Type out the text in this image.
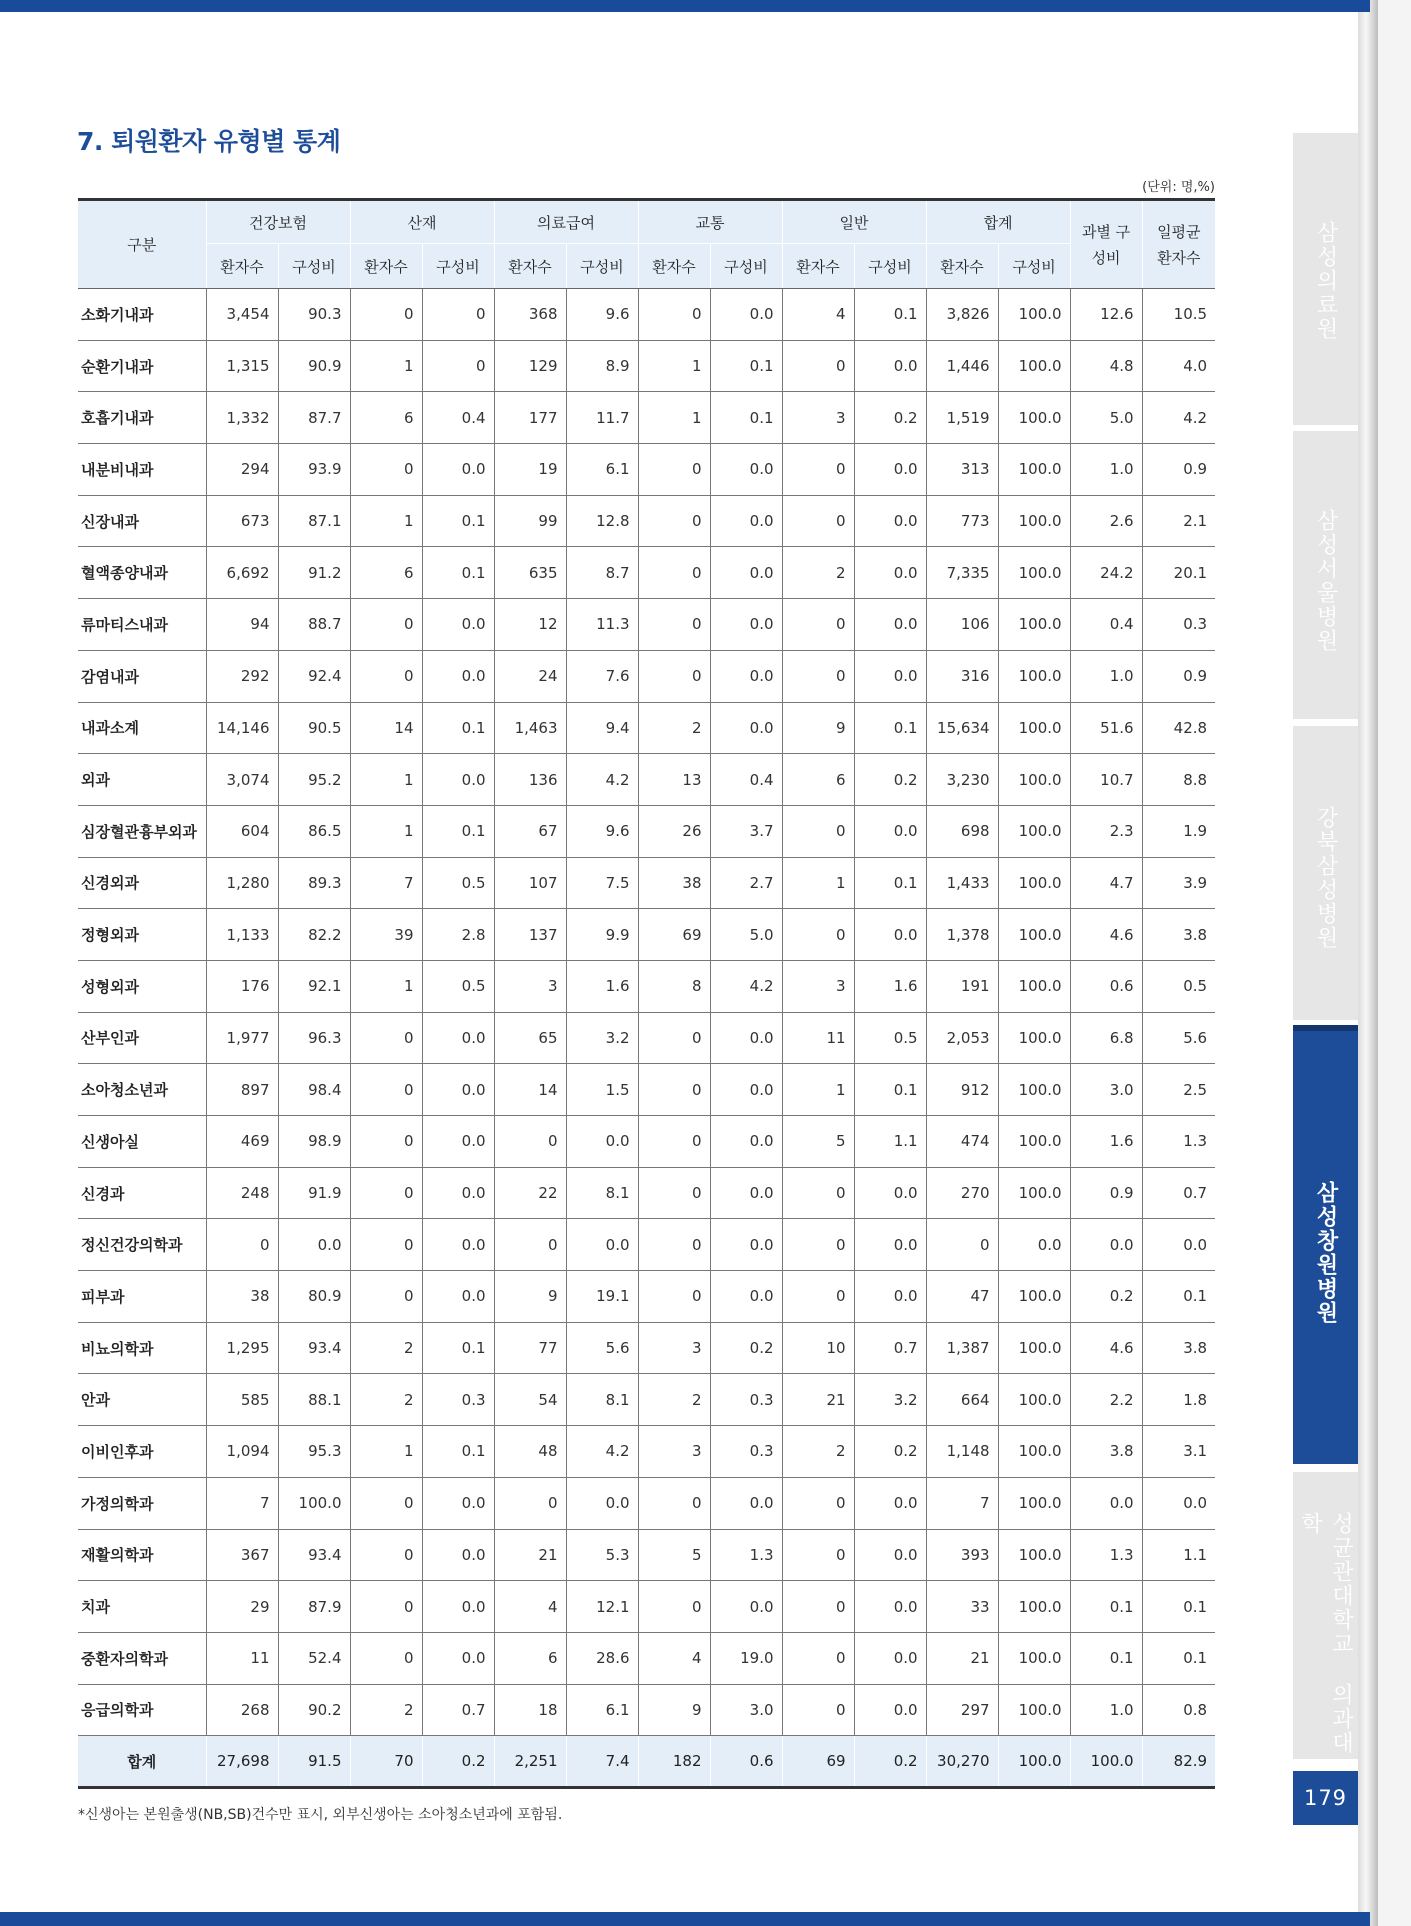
7. 퇴원환자 유형별 통계
(단위: 명,%)
구분	건강보험		산재		의료급여		교통		일반		합계		과별 구성비	일평균 환자수
	환자수	구성비	환자수	구성비	환자수	구성비	환자수	구성비	환자수	구성비	환자수	구성비		
소화기내과	3,454	90.3	0	0	368	9.6	0	0.0	4	0.1	3,826	100.0	12.6	10.5
순환기내과	1,315	90.9	1	0	129	8.9	1	0.1	0	0.0	1,446	100.0	4.8	4.0
호흡기내과	1,332	87.7	6	0.4	177	11.7	1	0.1	3	0.2	1,519	100.0	5.0	4.2
내분비내과	294	93.9	0	0.0	19	6.1	0	0.0	0	0.0	313	100.0	1.0	0.9
신장내과	673	87.1	1	0.1	99	12.8	0	0.0	0	0.0	773	100.0	2.6	2.1
혈액종양내과	6,692	91.2	6	0.1	635	8.7	0	0.0	2	0.0	7,335	100.0	24.2	20.1
류마티스내과	94	88.7	0	0.0	12	11.3	0	0.0	0	0.0	106	100.0	0.4	0.3
감염내과	292	92.4	0	0.0	24	7.6	0	0.0	0	0.0	316	100.0	1.0	0.9
내과소계	14,146	90.5	14	0.1	1,463	9.4	2	0.0	9	0.1	15,634	100.0	51.6	42.8
외과	3,074	95.2	1	0.0	136	4.2	13	0.4	6	0.2	3,230	100.0	10.7	8.8
심장혈관흉부외과	604	86.5	1	0.1	67	9.6	26	3.7	0	0.0	698	100.0	2.3	1.9
신경외과	1,280	89.3	7	0.5	107	7.5	38	2.7	1	0.1	1,433	100.0	4.7	3.9
정형외과	1,133	82.2	39	2.8	137	9.9	69	5.0	0	0.0	1,378	100.0	4.6	3.8
성형외과	176	92.1	1	0.5	3	1.6	8	4.2	3	1.6	191	100.0	0.6	0.5
산부인과	1,977	96.3	0	0.0	65	3.2	0	0.0	11	0.5	2,053	100.0	6.8	5.6
소아청소년과	897	98.4	0	0.0	14	1.5	0	0.0	1	0.1	912	100.0	3.0	2.5
신생아실	469	98.9	0	0.0	0	0.0	0	0.0	5	1.1	474	100.0	1.6	1.3
신경과	248	91.9	0	0.0	22	8.1	0	0.0	0	0.0	270	100.0	0.9	0.7
정신건강의학과	0	0.0	0	0.0	0	0.0	0	0.0	0	0.0	0	0.0	0.0	0.0
피부과	38	80.9	0	0.0	9	19.1	0	0.0	0	0.0	47	100.0	0.2	0.1
비뇨의학과	1,295	93.4	2	0.1	77	5.6	3	0.2	10	0.7	1,387	100.0	4.6	3.8
안과	585	88.1	2	0.3	54	8.1	2	0.3	21	3.2	664	100.0	2.2	1.8
이비인후과	1,094	95.3	1	0.1	48	4.2	3	0.3	2	0.2	1,148	100.0	3.8	3.1
가정의학과	7	100.0	0	0.0	0	0.0	0	0.0	0	0.0	7	100.0	0.0	0.0
재활의학과	367	93.4	0	0.0	21	5.3	5	1.3	0	0.0	393	100.0	1.3	1.1
치과	29	87.9	0	0.0	4	12.1	0	0.0	0	0.0	33	100.0	0.1	0.1
중환자의학과	11	52.4	0	0.0	6	28.6	4	19.0	0	0.0	21	100.0	0.1	0.1
응급의학과	268	90.2	2	0.7	18	6.1	9	3.0	0	0.0	297	100.0	1.0	0.8
합계	27,698	91.5	70	0.2	2,251	7.4	182	0.6	69	0.2	30,270	100.0	100.0	82.9
*신생아는 본원출생(NB,SB)건수만 표시, 외부신생아는 소아청소년과에 포함됨.
삼성의료원
삼성서울병원
강북삼성병원
삼성창원병원
성균관대학교 의과대학
179
